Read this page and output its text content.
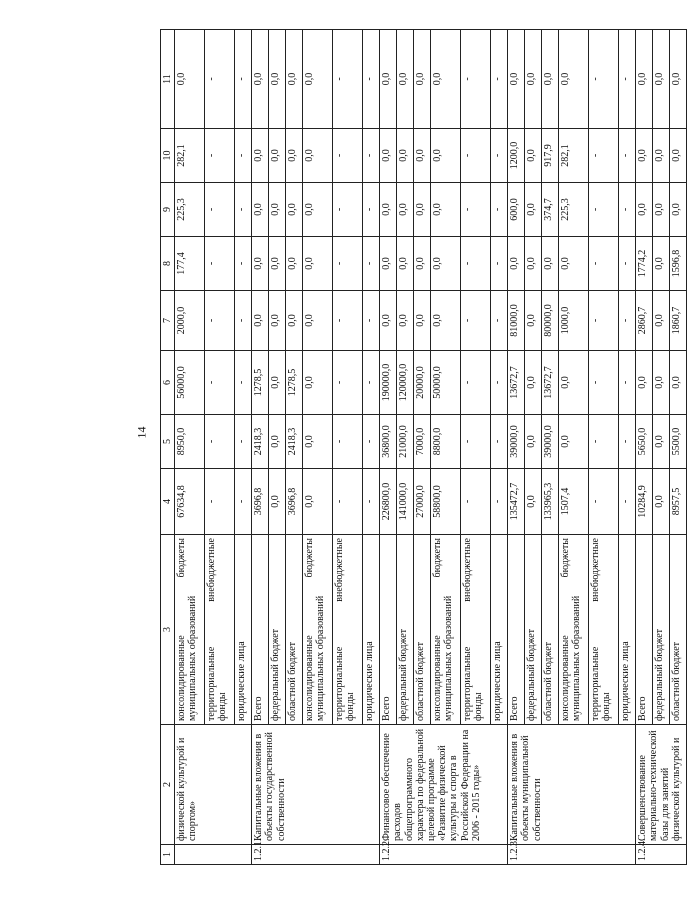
14
1	2	3	4	5	6	7	8	9	10	11
	физической культурой и спортом»	консолидированные
бюджеты
муниципальных образований	67634,8	8950,0	56000,0	2000,0	177,4	225,3	282,1	0,0

		территориальные
внебюджетные
фонды	-	-	-	-	-	-	-	-
		юридические лица	-	-	-	-	-	-	-	-
1.2.1.	Капитальные вложения в объекты государственной собственности	Всего	3696,8	2418,3	1278,5	0,0	0,0	0,0	0,0	0,0
		федеральный бюджет	0,0	0,0	0,0	0,0	0,0	0,0	0,0	0,0
		областной бюджет	3696,8	2418,3	1278,5	0,0	0,0	0,0	0,0	0,0

		консолидированные
бюджеты
муниципальных образований	0,0	0,0	0,0	0,0	0,0	0,0	0,0	0,0

		территориальные
внебюджетные
фонды	-	-	-	-	-	-	-	-
		юридические лица	-	-	-	-	-	-	-	-
1.2.2.	Финансовое обеспечение расходов общепрограммного характера по федеральной целевой программе «Развитие физической культуры и спорта в Российской Федерации на 2006 - 2015 годы»	Всего	226800,0	36800,0	190000,0	0,0	0,0	0,0	0,0	0,0
		федеральный бюджет	141000,0	21000,0	120000,0	0,0	0,0	0,0	0,0	0,0
		областной бюджет	27000,0	7000,0	20000,0	0,0	0,0	0,0	0,0	0,0

		консолидированные
бюджеты
муниципальных образований	58800,0	8800,0	50000,0	0,0	0,0	0,0	0,0	0,0

		территориальные
внебюджетные
фонды	-	-	-	-	-	-	-	-
		юридические лица	-	-	-	-	-	-	-	-
1.2.3.	Капитальные вложения в объекты муниципальной собственности	Всего	135472,7	39000,0	13672,7	81000,0	0,0	600,0	1200,0	0,0
		федеральный бюджет	0,0	0,0	0,0	0,0	0,0	0,0	0,0	0,0
		областной бюджет	133965,3	39000,0	13672,7	80000,0	0,0	374,7	917,9	0,0

		консолидированные
бюджеты
муниципальных образований	1507,4	0,0	0,0	1000,0	0,0	225,3	282,1	0,0

		территориальные
внебюджетные
фонды	-	-	-	-	-	-	-	-
		юридические лица	-	-	-	-	-	-	-	-
1.2.4.	Совершенствование материально-технической базы для занятий физической культурой и	Всего	10284,9	5650,0	0,0	2860,7	1774,2	0,0	0,0	0,0
		федеральный бюджет	0,0	0,0	0,0	0,0	0,0	0,0	0,0	0,0
		областной бюджет	8957,5	5500,0	0,0	1860,7	1596,8	0,0	0,0	0,0
